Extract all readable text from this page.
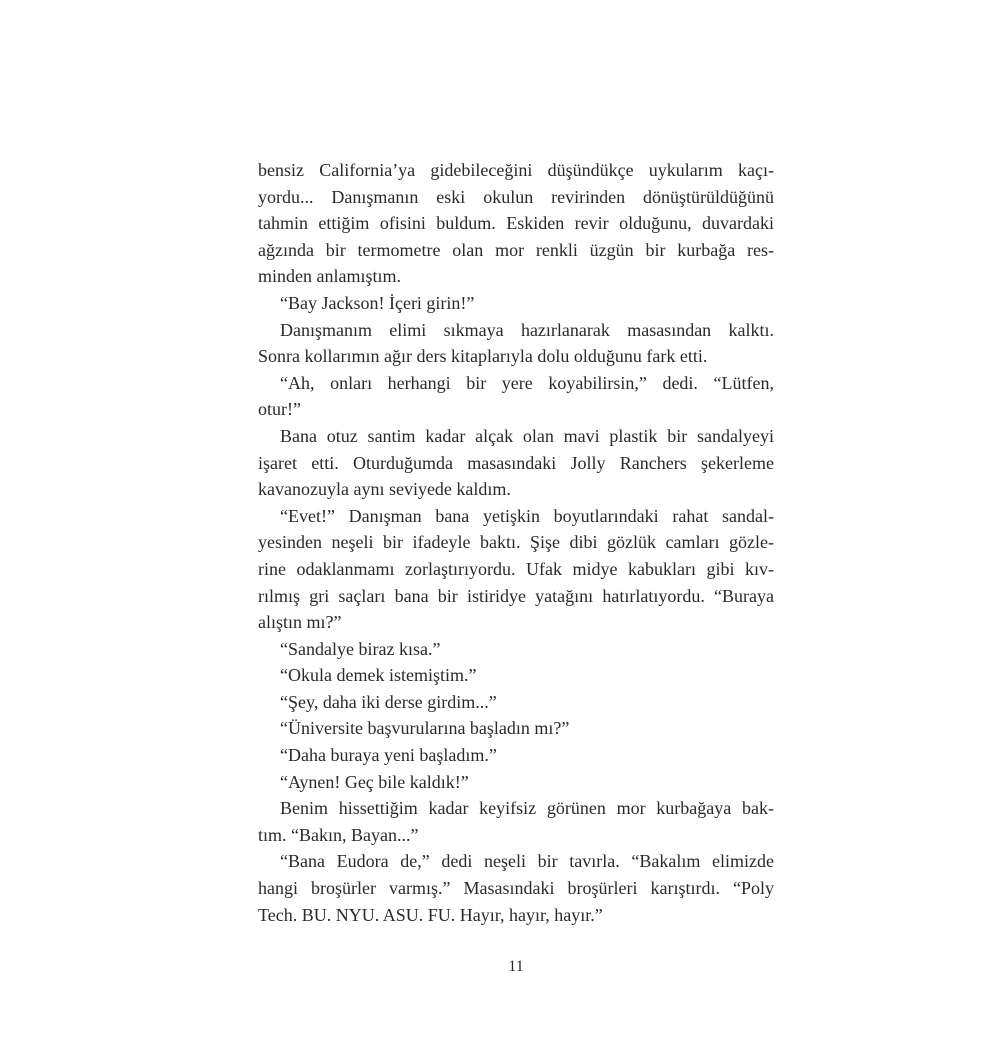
bensiz California’ya gidebileceğini düşündükçe uykularım kaçı-
yordu... Danışmanın eski okulun revirinden dönüştürüldüğünü
tahmin ettiğim ofisini buldum. Eskiden revir olduğunu, duvardaki
ağzında bir termometre olan mor renkli üzgün bir kurbağa res-
minden anlamıştım.
“Bay Jackson! İçeri girin!”
Danışmanım elimi sıkmaya hazırlanarak masasından kalktı.
Sonra kollarımın ağır ders kitaplarıyla dolu olduğunu fark etti.
“Ah, onları herhangi bir yere koyabilirsin,” dedi. “Lütfen,
otur!”
Bana otuz santim kadar alçak olan mavi plastik bir sandalyeyi
işaret etti. Oturduğumda masasındaki Jolly Ranchers şekerleme
kavanozuyla aynı seviyede kaldım.
“Evet!” Danışman bana yetişkin boyutlarındaki rahat sandal-
yesinden neşeli bir ifadeyle baktı. Şişe dibi gözlük camları gözle-
rine odaklanmamı zorlaştırıyordu. Ufak midye kabukları gibi kıv-
rılmış gri saçları bana bir istiridye yatağını hatırlatıyordu. “Buraya
alıştın mı?”
“Sandalye biraz kısa.”
“Okula demek istemiştim.”
“Şey, daha iki derse girdim...”
“Üniversite başvurularına başladın mı?”
“Daha buraya yeni başladım.”
“Aynen! Geç bile kaldık!”
Benim hissettiğim kadar keyifsiz görünen mor kurbağaya bak-
tım. “Bakın, Bayan...”
“Bana Eudora de,” dedi neşeli bir tavırla. “Bakalım elimizde
hangi broşürler varmış.” Masasındaki broşürleri karıştırdı. “Poly
Tech. BU. NYU. ASU. FU. Hayır, hayır, hayır.”
11
